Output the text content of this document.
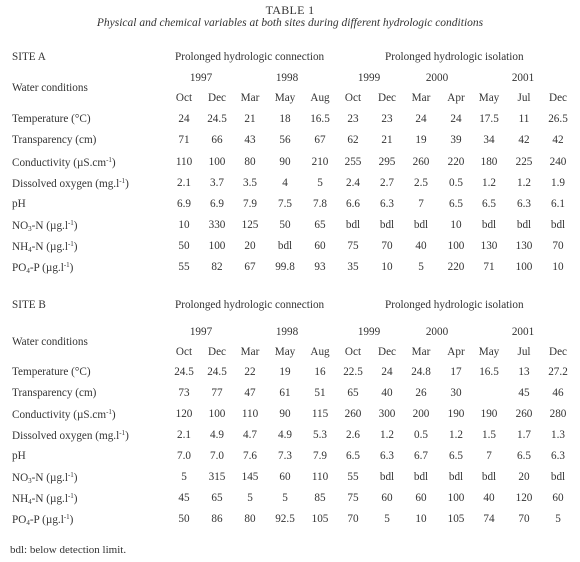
TABLE 1
Physical and chemical variables at both sites during different hydrologic conditions
SITE A	Prolonged hydrologic connection	Prolonged hydrologic isolation
Water conditions
1997	1998	1999	2000	2001
Oct Dec Mar May Aug Oct Dec Mar Apr May Jul Dec
Temperature (°C)	24 24.5 21 18 16.5 23 23 24 24 17.5 11 26.5
Transparency (cm)	71 66 43 56 67 62 21 19 39 34 42 42
Conductivity $(\mu S.cm^{-1})$	110 100 80 90 210 255 295 260 220 180 225 240
Dissolved oxygen $(mg.l^{-1})$	2.1 3.7 3.5 4	5 2.4 2.7 2.5 0.5 1.2 1.2 1.9
pH	6.9 6.9 7.9 7.5 7.8 6.6 6.3 7 6.5 6.5 6.3 6.1
$NO_3-N$ $(\mu g.l^{-1})$	10 330 125 50 65 bdl bdl bdl 10 bdl bdl bdl
$NH_4-N$ $(\mu g.l^{-1})$	50 100 20 bdl 60 75 70 40 100 130 130 70
$PO_4-P$ $(\mu g.l^{-1})$	55 82 67 99.8 93 35 10 5 220 71 100 10
SITE B	Prolonged hydrologic connection	Prolonged hydrologic isolation
Water conditions
1997	1998	1999	2000	2001
Oct Dec Mar May Aug Oct Dec Mar Apr May Jul Dec
Temperature (°C)	24.5 24.5 22 19 16 22.5 24 24.8 17 16.5 13 27.2
Transparency (cm)	73 77 47 61 51 65 40 26 30	45 46
Conductivity $(\mu S.cm^{-1})$	120 100 110 90 115 260 300 200 190 190 260 280
Dissolved oxygen $(mg.l^{-1})$	2.1 4.9 4.7 4.9 5.3 2.6 1.2 0.5 1.2 1.5 1.7 1.3
pH	7.0 7.0 7.6 7.3 7.9 6.5 6.3 6.7 6.5 7 6.5 6.3
$NO_3-N$ $(\mu g.l^{-1})$	5 315 145 60 110 55 bdl bdl bdl bdl 20 bdl
$NH_4-N$ $(\mu g.l^{-1})$	45 65 5	5 85 75 60 60 100 40 120 60
$PO_4-P$ $(\mu g.l^{-1})$	50 86 80 92.5 105 70 5 10 105 74 70 5
bdl: below detection limit.
